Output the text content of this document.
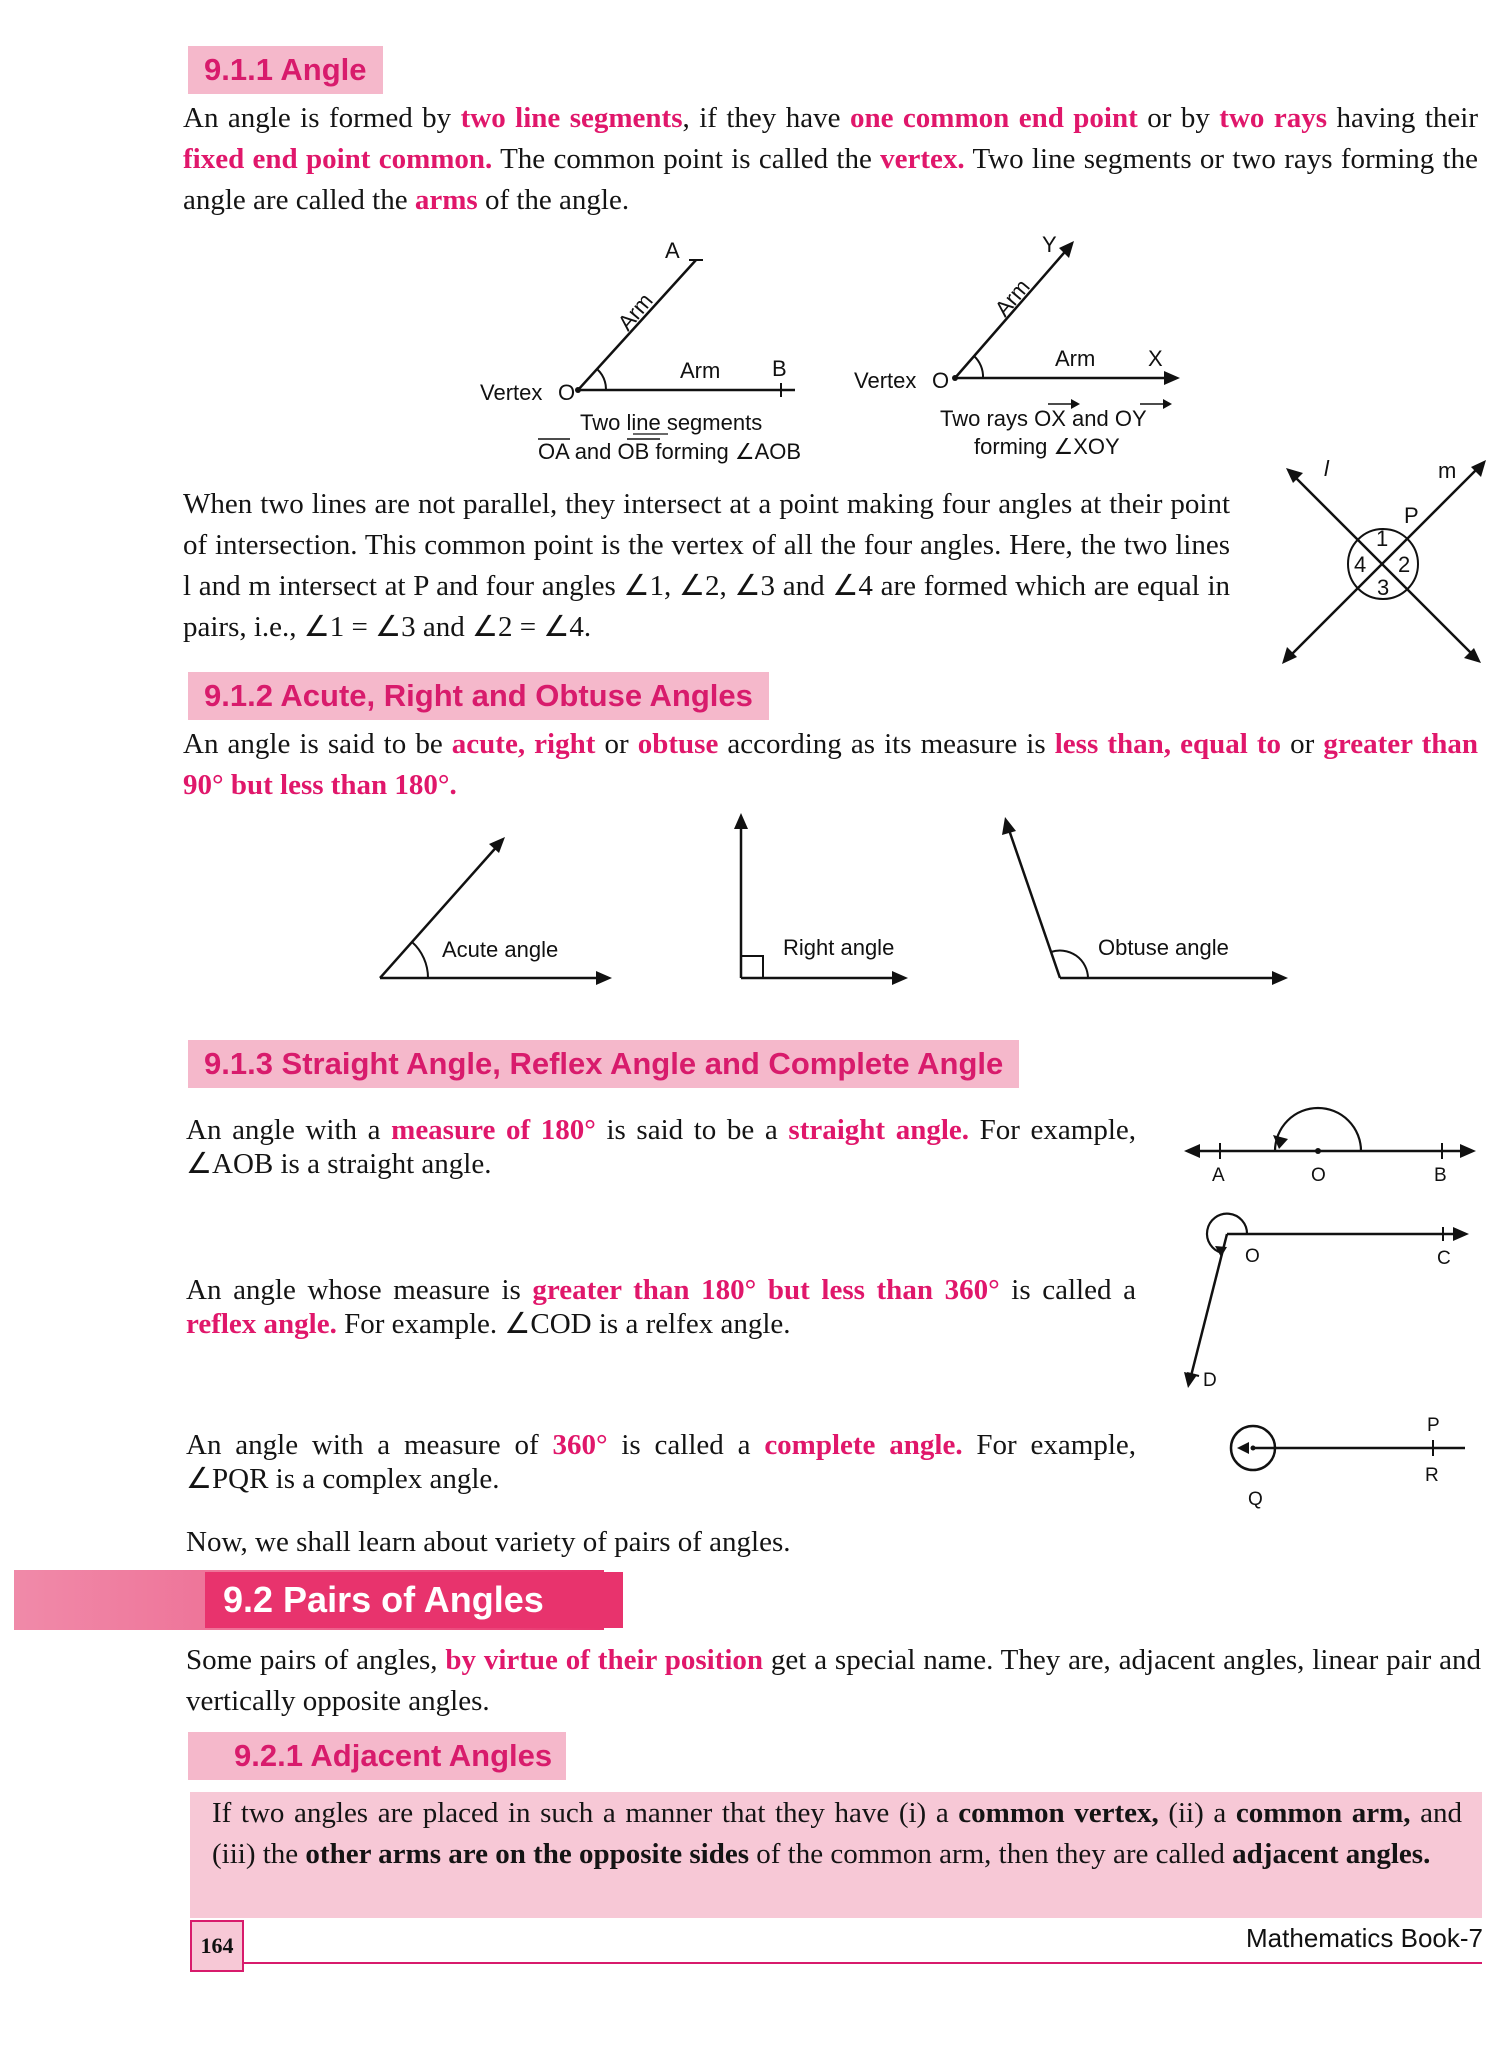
9.1.1 Angle
An angle is formed by two line segments, if they have one common end point or by two rays having their fixed end point common. The common point is called the vertex. Two line segments or two rays forming the angle are called the arms of the angle.
Vertex O
A
B
Arm
Arm
Two line segments
OA and OB forming ∠AOB
Vertex O
Y
X
Arm
Arm
Two rays OX and OY
forming ∠XOY
When two lines are not parallel, they intersect at a point making four angles at their point of intersection. This common point is the vertex of all the four angles. Here, the two lines l and m intersect at P and four angles ∠1, ∠2, ∠3 and ∠4 are formed which are equal in pairs, i.e., ∠1 = ∠3 and ∠2 = ∠4.
l	m
P
1
2
3
4
9.1.2 Acute, Right and Obtuse Angles
An angle is said to be acute, right or obtuse according as its measure is less than, equal to or greater than 90° but less than 180°.
Acute angle	Right angle	Obtuse angle
9.1.3 Straight Angle, Reflex Angle and Complete Angle
An angle with a measure of 180° is said to be a straight angle. For example, ∠AOB is a straight angle.	A	O	B
An angle whose measure is greater than 180° but less than 360° is called a reflex angle. For example. ∠COD is a relfex angle.
O	C
D
An angle with a measure of 360° is called a complete angle. For example, ∠PQR is a complex angle.
P
R
Q
Now, we shall learn about variety of pairs of angles.
9.2 Pairs of Angles
Some pairs of angles, by virtue of their position get a special name. They are, adjacent angles, linear pair and vertically opposite angles.
9.2.1 Adjacent Angles
If two angles are placed in such a manner that they have (i) a common vertex, (ii) a common arm, and (iii) the other arms are on the opposite sides of the common arm, then they are called adjacent angles.
164	Mathematics Book-7
